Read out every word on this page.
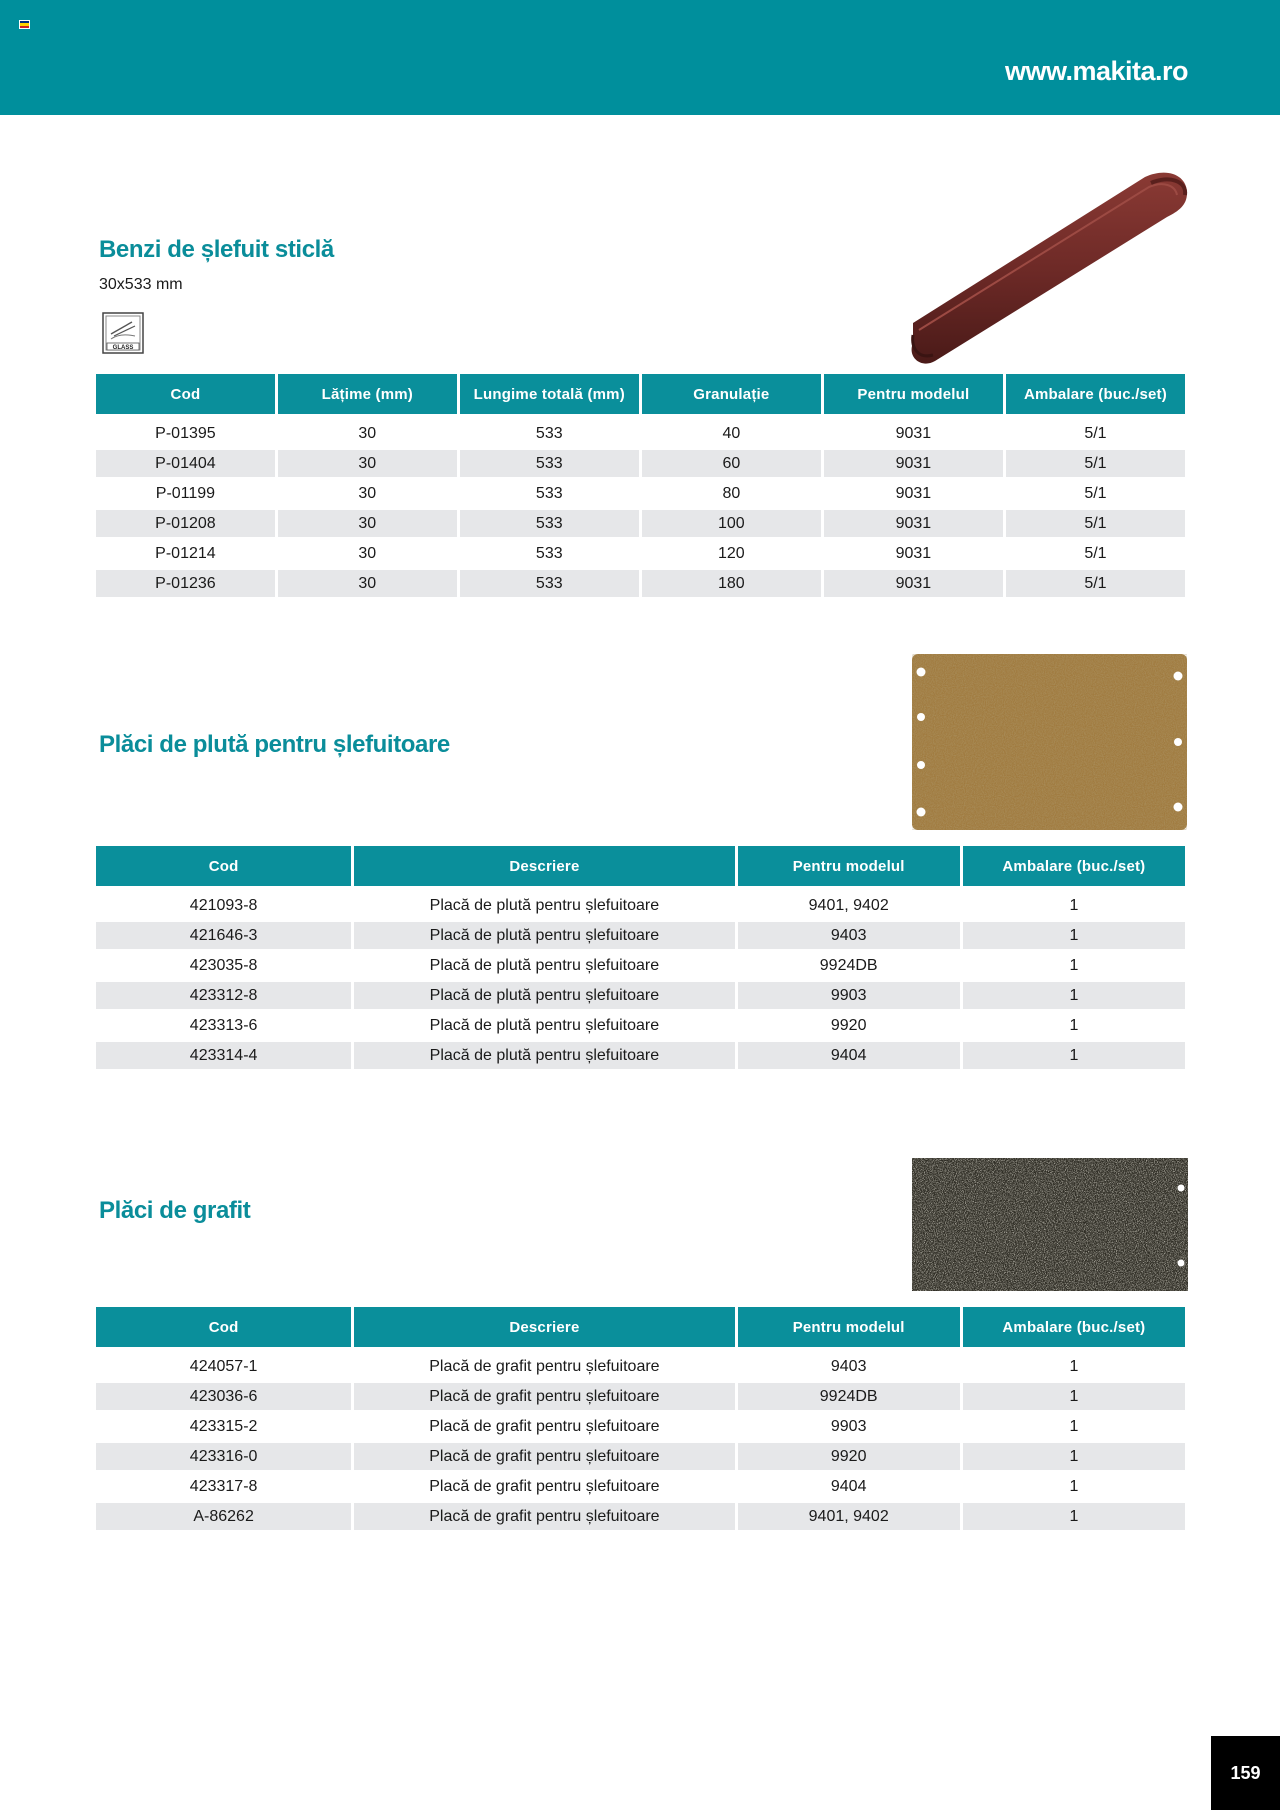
www.makita.ro
Benzi de șlefuit sticlă
30x533 mm
GLASS
Cod	Lățime (mm)	Lungime totală (mm)	Granulație	Pentru modelul	Ambalare (buc./set)
P-01395	30	533	40	9031	5/1
P-01404	30	533	60	9031	5/1
P-01199	30	533	80	9031	5/1
P-01208	30	533	100	9031	5/1
P-01214	30	533	120	9031	5/1
P-01236	30	533	180	9031	5/1
Plăci de plută pentru șlefuitoare
Cod	Descriere	Pentru modelul	Ambalare (buc./set)
421093-8	Placă de plută pentru șlefuitoare	9401, 9402	1
421646-3	Placă de plută pentru șlefuitoare	9403	1
423035-8	Placă de plută pentru șlefuitoare	9924DB	1
423312-8	Placă de plută pentru șlefuitoare	9903	1
423313-6	Placă de plută pentru șlefuitoare	9920	1
423314-4	Placă de plută pentru șlefuitoare	9404	1
Plăci de grafit
Cod	Descriere	Pentru modelul	Ambalare (buc./set)
424057-1	Placă de grafit pentru șlefuitoare	9403	1
423036-6	Placă de grafit pentru șlefuitoare	9924DB	1
423315-2	Placă de grafit pentru șlefuitoare	9903	1
423316-0	Placă de grafit pentru șlefuitoare	9920	1
423317-8	Placă de grafit pentru șlefuitoare	9404	1
A-86262	Placă de grafit pentru șlefuitoare	9401, 9402	1
159
